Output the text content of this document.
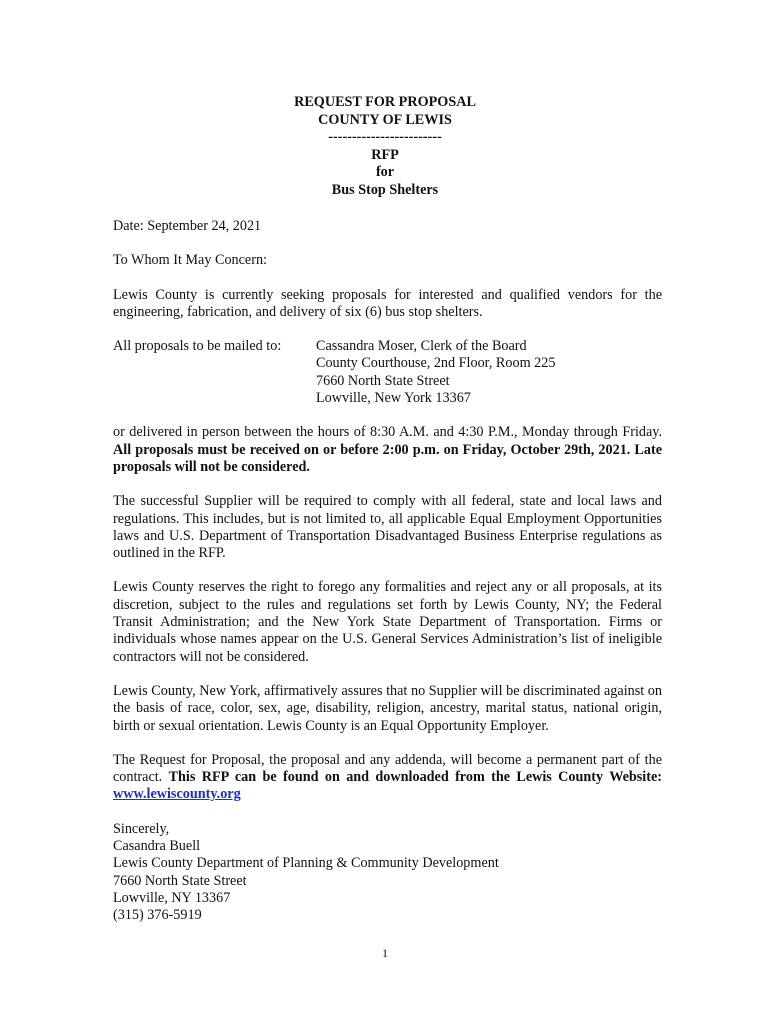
REQUEST FOR PROPOSAL
COUNTY OF LEWIS
------------------------
RFP
for
Bus Stop Shelters

Date: September 24, 2021

To Whom It May Concern:

Lewis County is currently seeking proposals for interested and qualified vendors for the engineering, fabrication, and delivery of six (6) bus stop shelters.

All proposals to be mailed to:	Cassandra Moser, Clerk of the Board
County Courthouse, 2nd Floor, Room 225
7660 North State Street
Lowville, New York 13367

or delivered in person between the hours of 8:30 A.M. and 4:30 P.M., Monday through Friday. All proposals must be received on or before 2:00 p.m. on Friday, October 29th, 2021. Late proposals will not be considered.

The successful Supplier will be required to comply with all federal, state and local laws and regulations. This includes, but is not limited to, all applicable Equal Employment Opportunities laws and U.S. Department of Transportation Disadvantaged Business Enterprise regulations as outlined in the RFP.

Lewis County reserves the right to forego any formalities and reject any or all proposals, at its discretion, subject to the rules and regulations set forth by Lewis County, NY; the Federal Transit Administration; and the New York State Department of Transportation. Firms or individuals whose names appear on the U.S. General Services Administration’s list of ineligible contractors will not be considered.

Lewis County, New York, affirmatively assures that no Supplier will be discriminated against on the basis of race, color, sex, age, disability, religion, ancestry, marital status, national origin, birth or sexual orientation. Lewis County is an Equal Opportunity Employer.

The Request for Proposal, the proposal and any addenda, will become a permanent part of the contract. This RFP can be found on and downloaded from the Lewis County Website: www.lewiscounty.org

Sincerely,
Casandra Buell
Lewis County Department of Planning & Community Development
7660 North State Street
Lowville, NY 13367
(315) 376-5919
1
